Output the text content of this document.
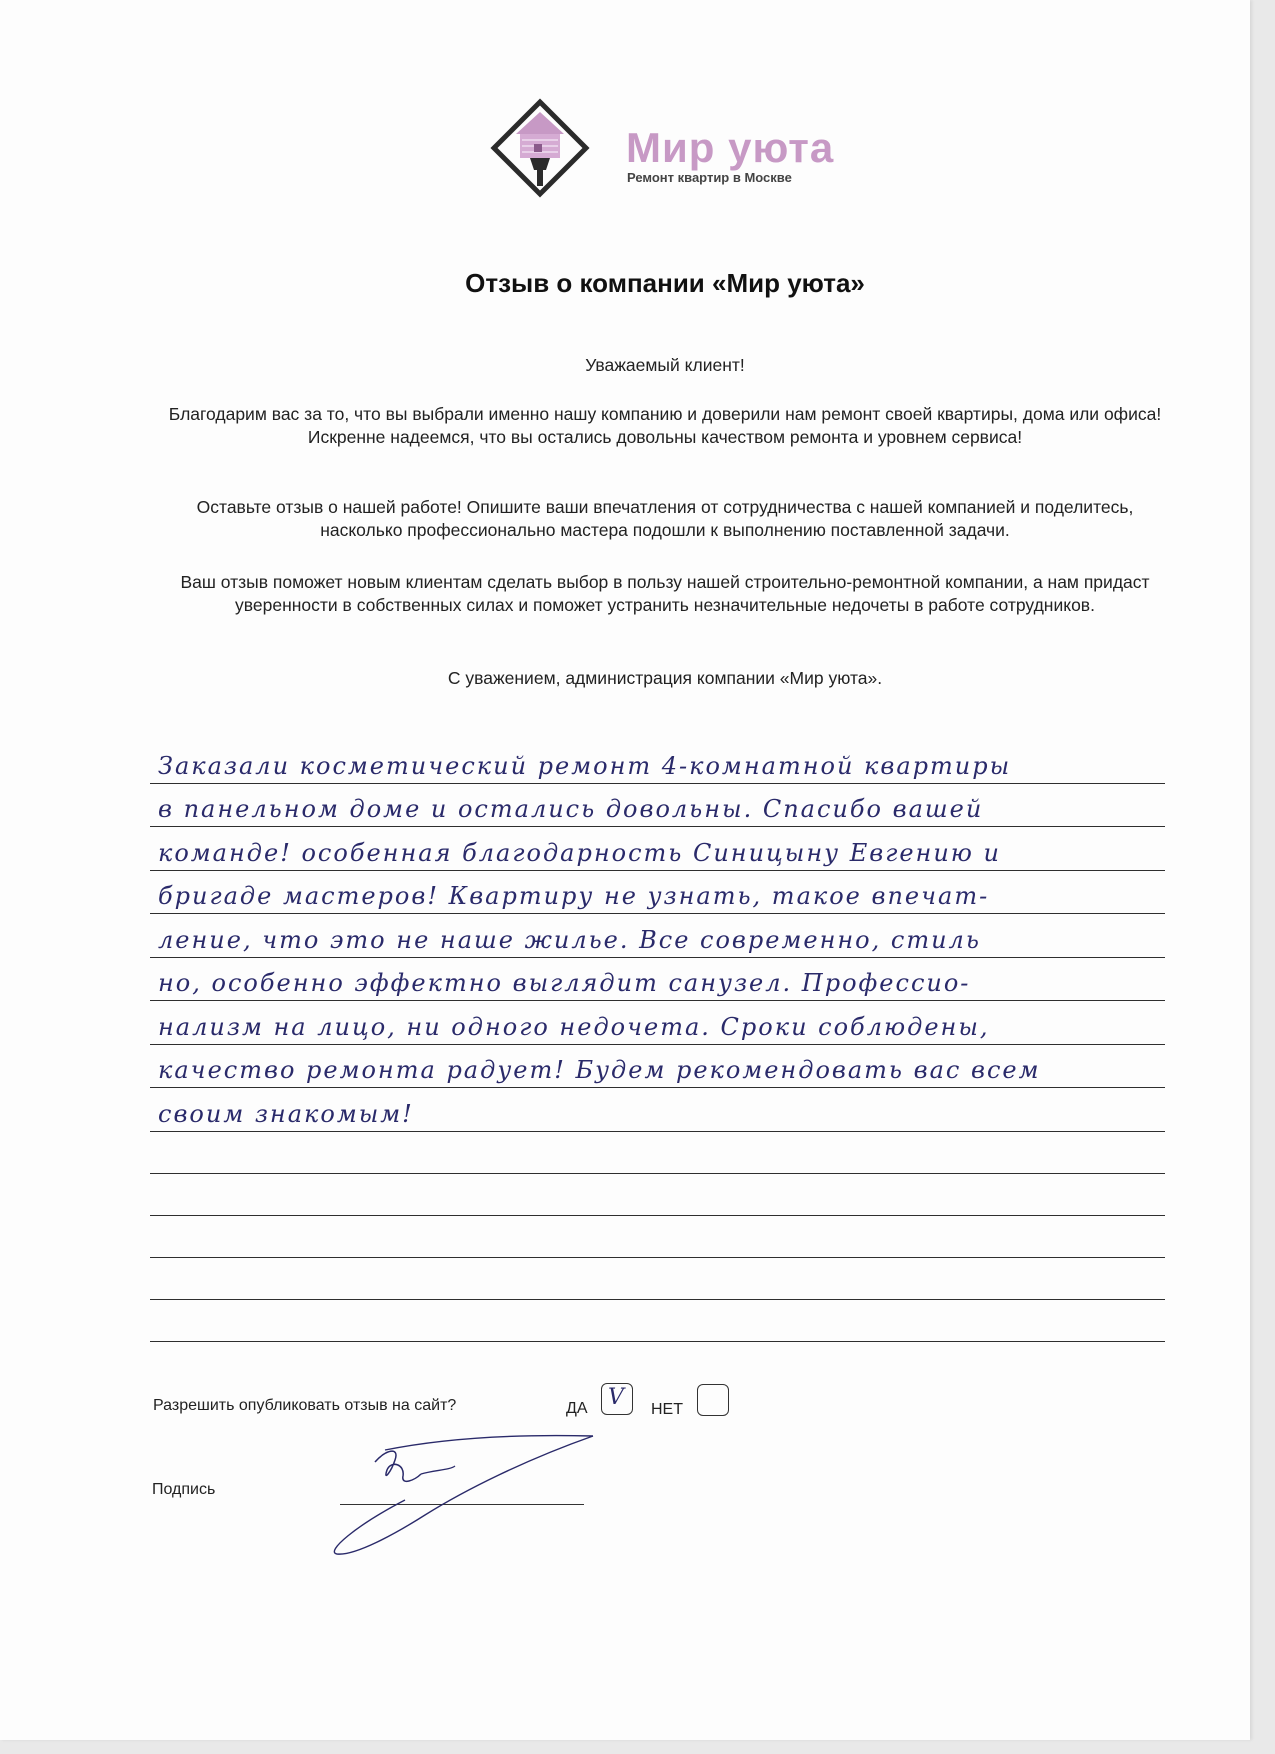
Мир уюта
Ремонт квартир в Москве
Отзыв о компании «Мир уюта»
Уважаемый клиент!
Благодарим вас за то, что вы выбрали именно нашу компанию и доверили нам ремонт своей квартиры, дома или офиса! Искренне надеемся, что вы остались довольны качеством ремонта и уровнем сервиса!
Оставьте отзыв о нашей работе! Опишите ваши впечатления от сотрудничества с нашей компанией и поделитесь, насколько профессионально мастера подошли к выполнению поставленной задачи.
Ваш отзыв поможет новым клиентам сделать выбор в пользу нашей строительно-ремонтной компании, а нам придаст уверенности в собственных силах и поможет устранить незначительные недочеты в работе сотрудников.
С уважением, администрация компании «Мир уюта».
Заказали косметический ремонт 4-комнатной квартиры
в панельном доме и остались довольны. Спасибо вашей
команде! особенная благодарность Синицыну Евгению и
бригаде мастеров! Квартиру не узнать, такое впечат-
ление, что это не наше жилье. Все современно, стиль
но, особенно эффектно выглядит санузел. Профессио-
нализм на лицо, ни одного недочета. Сроки соблюдены,
качество ремонта радует! Будем рекомендовать вас всем
своим знакомым!
Разрешить опубликовать отзыв на сайт?	ДА V НЕТ
Подпись
